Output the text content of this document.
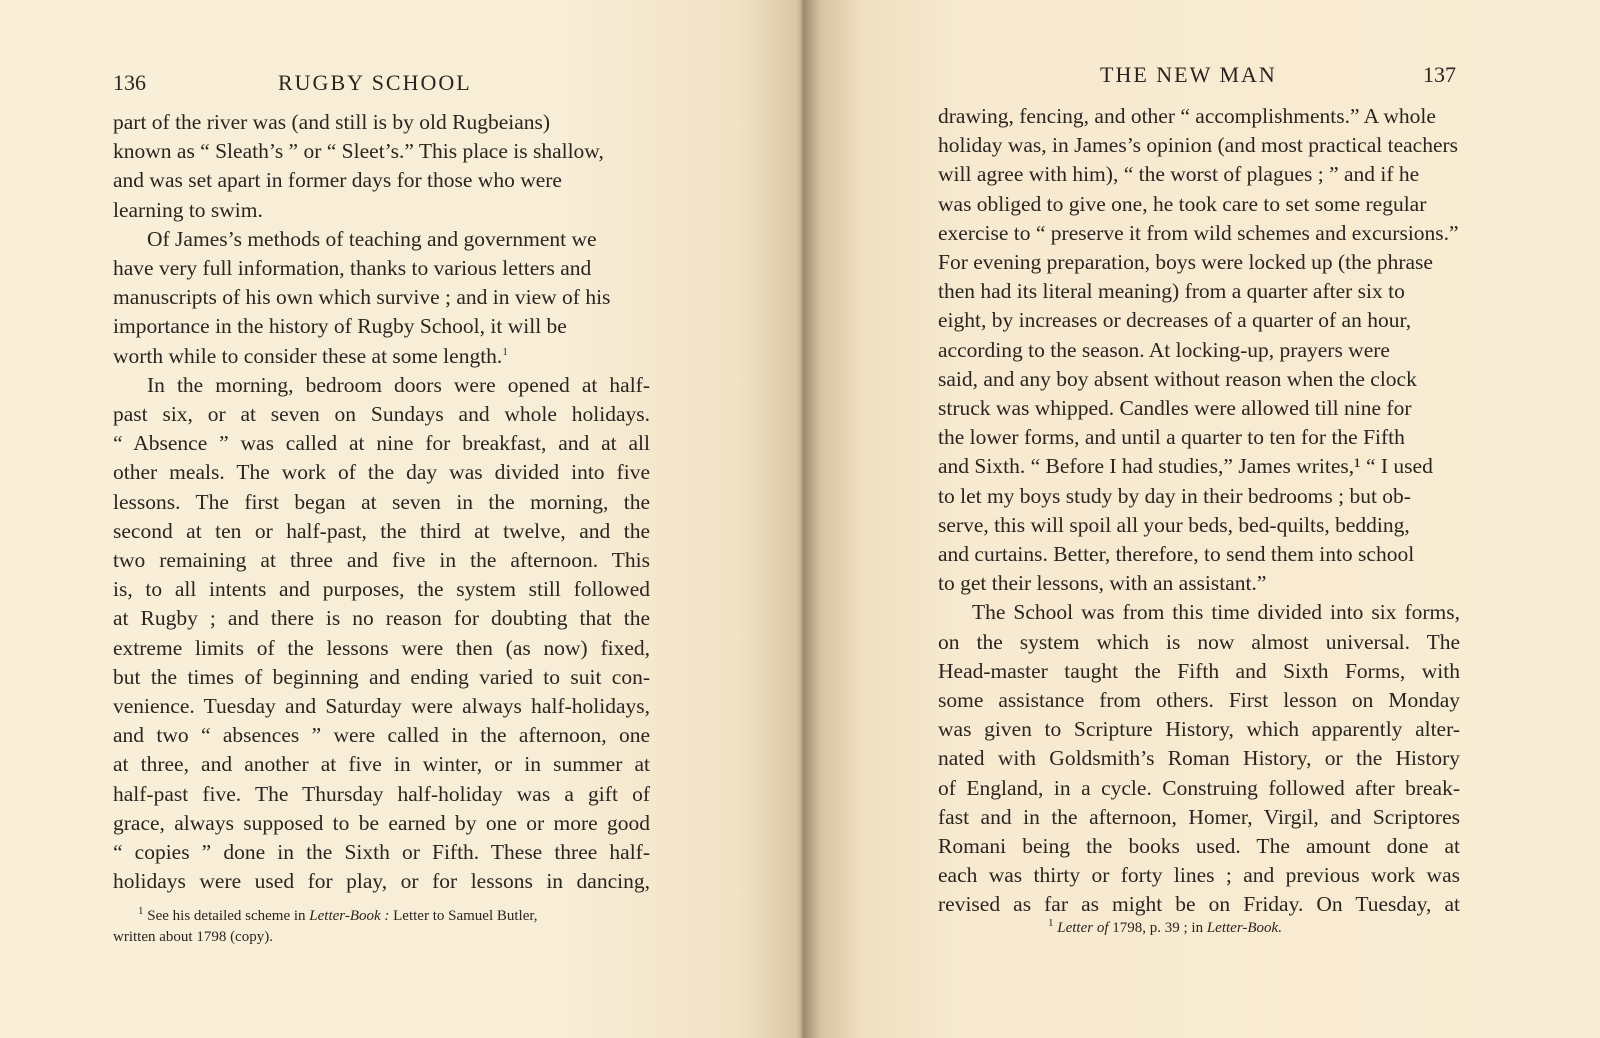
136	RUGBY SCHOOL

part of the river was (and still is by old Rugbeians)
known as “ Sleath’s ” or “ Sleet’s.” This place is shallow,
and was set apart in former days for those who were
learning to swim.

Of James’s methods of teaching and government we
have very full information, thanks to various letters and
manuscripts of his own which survive ; and in view of his
importance in the history of Rugby School, it will be
worth while to consider these at some length.$^1$

In the morning, bedroom doors were opened at half-
past six, or at seven on Sundays and whole holidays.
“ Absence ” was called at nine for breakfast, and at all
other meals. The work of the day was divided into five
lessons. The first began at seven in the morning, the
second at ten or half-past, the third at twelve, and the
two remaining at three and five in the afternoon. This
is, to all intents and purposes, the system still followed
at Rugby ; and there is no reason for doubting that the
extreme limits of the lessons were then (as now) fixed,
but the times of beginning and ending varied to suit con-
venience. Tuesday and Saturday were always half-holidays,
and two “ absences ” were called in the afternoon, one
at three, and another at five in winter, or in summer at
half-past five. The Thursday half-holiday was a gift of
grace, always supposed to be earned by one or more good
“ copies ” done in the Sixth or Fifth. These three half-
holidays were used for play, or for lessons in dancing,

$^1$ See his detailed scheme in Letter-Book : Letter to Samuel Butler,
written about 1798 (copy).
THE NEW MAN	137

drawing, fencing, and other “ accomplishments.” A whole
holiday was, in James’s opinion (and most practical teachers
will agree with him), “ the worst of plagues ; ” and if he
was obliged to give one, he took care to set some regular
exercise to “ preserve it from wild schemes and excursions.”
For evening preparation, boys were locked up (the phrase
then had its literal meaning) from a quarter after six to
eight, by increases or decreases of a quarter of an hour,
according to the season. At locking-up, prayers were
said, and any boy absent without reason when the clock
struck was whipped. Candles were allowed till nine for
the lower forms, and until a quarter to ten for the Fifth
and Sixth. “ Before I had studies,” James writes,¹ “ I used
to let my boys study by day in their bedrooms ; but ob-
serve, this will spoil all your beds, bed-quilts, bedding,
and curtains. Better, therefore, to send them into school
to get their lessons, with an assistant.”

The School was from this time divided into six forms,
on the system which is now almost universal. The
Head-master taught the Fifth and Sixth Forms, with
some assistance from others. First lesson on Monday
was given to Scripture History, which apparently alter-
nated with Goldsmith’s Roman History, or the History
of England, in a cycle. Construing followed after break-
fast and in the afternoon, Homer, Virgil, and Scriptores
Romani being the books used. The amount done at
each was thirty or forty lines ; and previous work was
revised as far as might be on Friday. On Tuesday, at

$^1$ Letter of 1798, p. 39 ; in Letter-Book.
